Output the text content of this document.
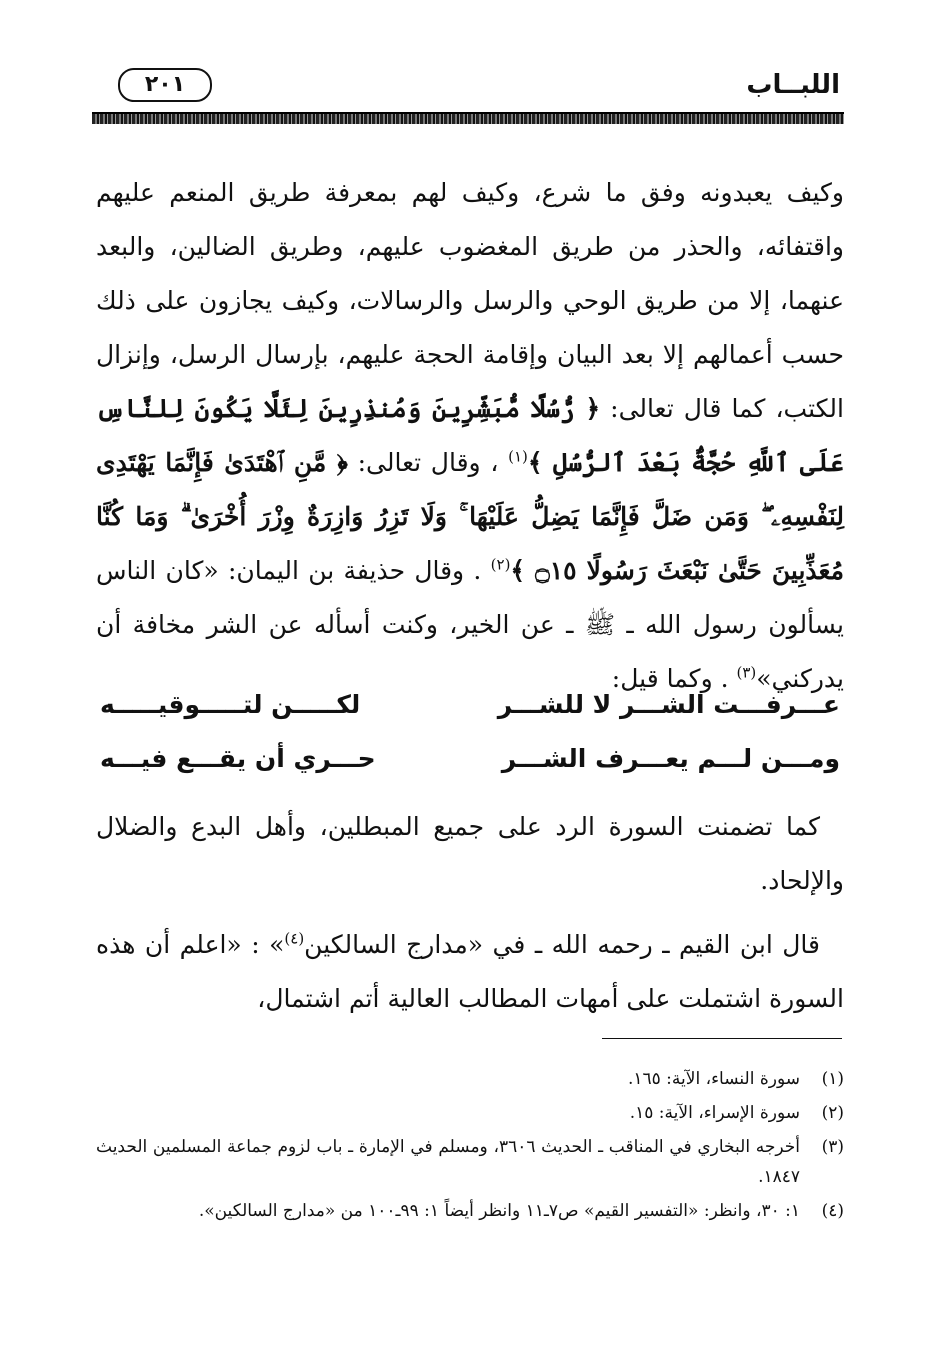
اللبــاب
٢٠١

وكيف يعبدونه وفق ما شرع، وكيف لهم بمعرفة طريق المنعم عليهم واقتفائه، والحذر من طريق المغضوب عليهم، وطريق الضالين، والبعد عنهما، إلا من طريق الوحي والرسل والرسالات، وكيف يجازون على ذلك حسب أعمالهم إلا بعد البيان وإقامة الحجة عليهم، بإرسال الرسل، وإنزال الكتب، كما قال تعالى: ﴿ رُّسُلًا مُّبَشِّرِينَ وَمُنذِرِينَ لِئَلَّا يَكُونَ لِلنَّاسِ عَلَى ٱللَّهِ حُجَّةٌۢ بَعْدَ ٱلرُّسُلِ ﴾$^{(١)}$ ، وقال تعالى: ﴿ مَّنِ ٱهْتَدَىٰ فَإِنَّمَا يَهْتَدِى لِنَفْسِهِۦ ۖ وَمَن ضَلَّ فَإِنَّمَا يَضِلُّ عَلَيْهَا ۚ وَلَا تَزِرُ وَازِرَةٌ وِزْرَ أُخْرَىٰ ۗ وَمَا كُنَّا مُعَذِّبِينَ حَتَّىٰ نَبْعَثَ رَسُولًا ۝١٥ ﴾$^{(٢)}$ . وقال حذيفة بن اليمان: «كان الناس يسألون رسول الله ـ ﷺ ـ عن الخير، وكنت أسأله عن الشر مخافة أن يدركني»$^{(٣)}$ . وكما قيل:

عـــرفـــت الشـــر لا للشـــر
لكـــــن لتـــــوقيـــــه
ومـــن لـــم يعـــرف الشـــر
حـــري أن يقـــع فيـــه

كما تضمنت السورة الرد على جميع المبطلين، وأهل البدع والضلال والإلحاد.

قال ابن القيم ـ رحمه الله ـ في «مدارج السالكين$^{(٤)}$» : «اعلم أن هذه السورة اشتملت على أمهات المطالب العالية أتم اشتمال،

(١)
سورة النساء، الآية: ١٦٥.
(٢)
سورة الإسراء، الآية: ١٥.
(٣)
أخرجه البخاري في المناقب ـ الحديث ٣٦٠٦، ومسلم في الإمارة ـ باب لزوم جماعة المسلمين الحديث ١٨٤٧.
(٤)
١: ٣٠، وانظر: «التفسير القيم» ص٧ـ١١ وانظر أيضاً ١: ٩٩ـ١٠٠ من «مدارج السالكين».
